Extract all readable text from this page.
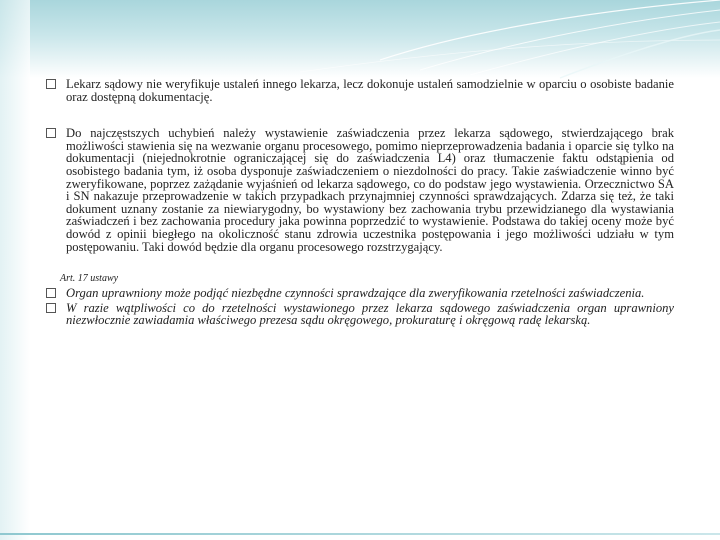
Lekarz sądowy nie weryfikuje ustaleń innego lekarza, lecz dokonuje ustaleń samodzielnie w oparciu o osobiste badanie oraz dostępną dokumentację.
Do najczęstszych uchybień należy wystawienie zaświadczenia przez lekarza sądowego, stwierdzającego brak możliwości stawienia się na wezwanie organu procesowego, pomimo nieprzeprowadzenia badania i oparcie się tylko na dokumentacji (niejednokrotnie ograniczającej się do zaświadczenia L4) oraz tłumaczenie faktu odstąpienia od osobistego badania tym, iż osoba dysponuje zaświadczeniem o niezdolności do pracy. Takie zaświadczenie winno być zweryfikowane, poprzez zażądanie wyjaśnień od lekarza sądowego, co do podstaw jego wystawienia. Orzecznictwo SA i SN nakazuje przeprowadzenie w takich przypadkach przynajmniej czynności sprawdzających. Zdarza się też, że taki dokument uznany zostanie za niewiarygodny, bo wystawiony bez zachowania trybu przewidzianego dla wystawiania zaświadczeń i bez zachowania procedury jaka powinna poprzedzić to wystawienie. Podstawa do takiej oceny może być dowód z opinii biegłego na okoliczność stanu zdrowia uczestnika postępowania i jego możliwości udziału w tym postępowaniu. Taki dowód będzie dla organu procesowego rozstrzygający.
Art. 17 ustawy
Organ uprawniony może podjąć niezbędne czynności sprawdzające dla zweryfikowania rzetelności zaświadczenia.
W razie wątpliwości co do rzetelności wystawionego przez lekarza sądowego zaświadczenia organ uprawniony niezwłocznie zawiadamia właściwego prezesa sądu okręgowego, prokuraturę i okręgową radę lekarską.
